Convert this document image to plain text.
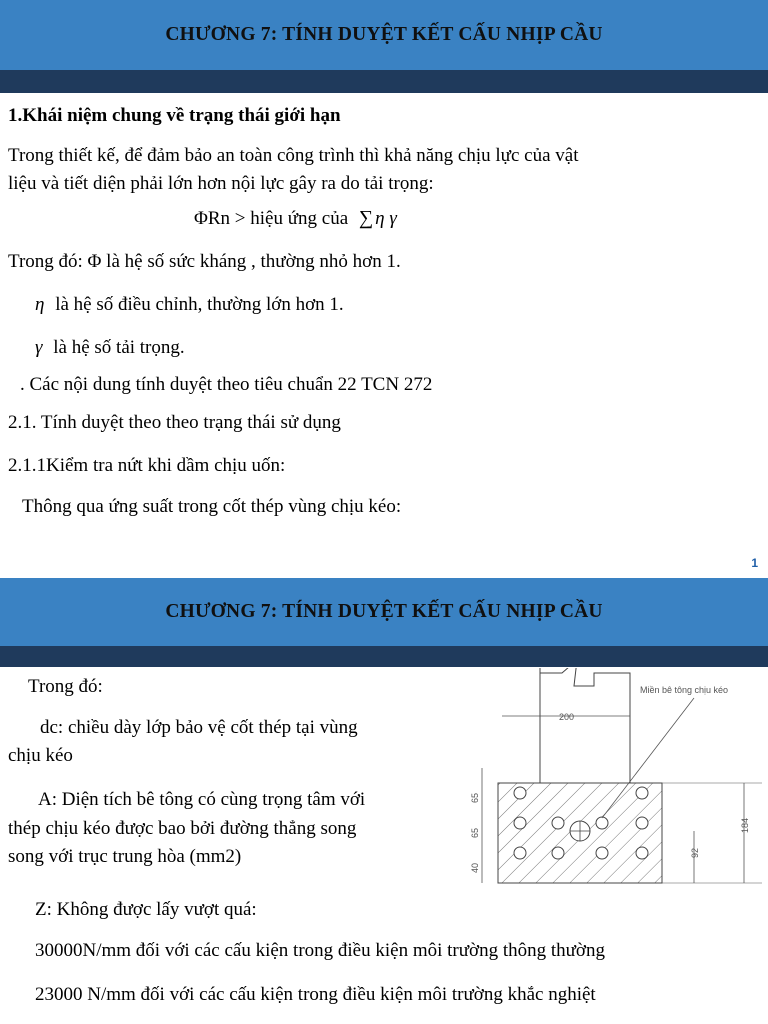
CHƯƠNG 7: TÍNH DUYỆT KẾT CẤU NHỊP CẦU
1.Khái niệm chung về trạng thái giới hạn
Trong thiết kế, để đảm bảo an toàn công trình thì khả năng chịu lực của vật
liệu và tiết diện phải lớn hơn nội lực gây ra do tải trọng:
ΦRn > hiệu ứng của ∑ η γ
Trong đó: Φ là hệ số sức kháng , thường nhỏ hơn 1.
η là hệ số điều chỉnh, thường lớn hơn 1.
γ là hệ số tải trọng.
. Các nội dung tính duyệt theo tiêu chuẩn 22 TCN 272
2.1. Tính duyệt theo theo trạng thái sử dụng
2.1.1Kiểm tra nứt khi dầm chịu uốn:
Thông qua ứng suất trong cốt thép vùng chịu kéo:
1
CHƯƠNG 7: TÍNH DUYỆT KẾT CẤU NHỊP CẦU
Trong đó:
dc: chiều dày lớp bảo vệ cốt thép tại vùng
chịu kéo
A: Diện tích bê tông có cùng trọng tâm với
thép chịu kéo được bao bởi đường thẳng song
song với trục trung hòa (mm2)
Z: Không được lấy vượt quá:
30000N/mm đối với các cấu kiện trong điều kiện môi trường thông thường
23000 N/mm đối với các cấu kiện trong điều kiện môi trường khắc nghiệt
Miền bê tông chịu kéo
200
184
92
65
65
40
